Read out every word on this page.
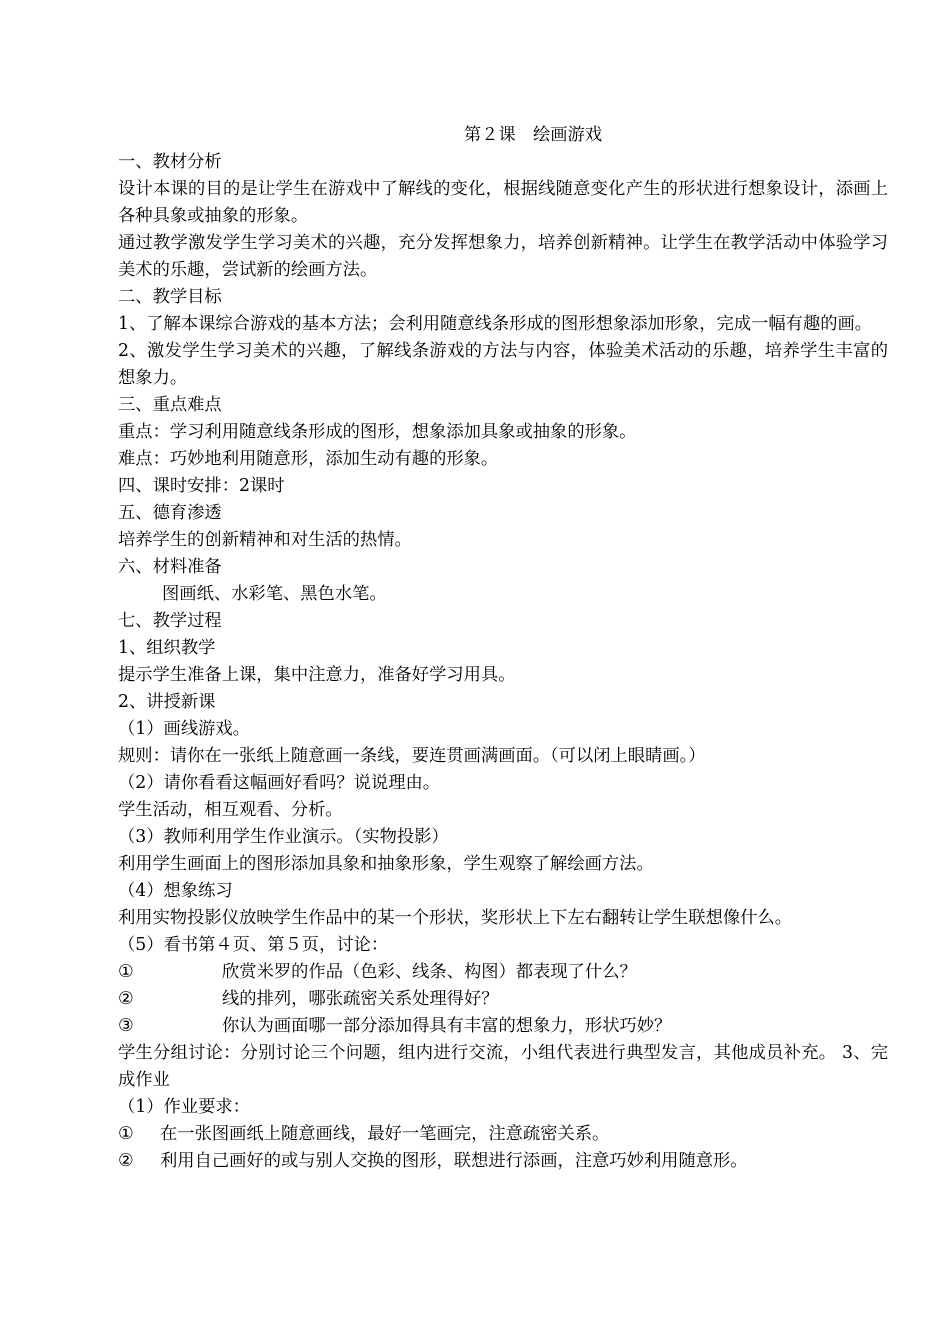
第２课　绘画游戏
一、教材分析
设计本课的目的是让学生在游戏中了解线的变化，根据线随意变化产生的形状进行想象设计，添画上各种具象或抽象的形象。
通过教学激发学生学习美术的兴趣，充分发挥想象力，培养创新精神。让学生在教学活动中体验学习美术的乐趣，尝试新的绘画方法。
二、教学目标
1、了解本课综合游戏的基本方法；会利用随意线条形成的图形想象添加形象，完成一幅有趣的画。
2、激发学生学习美术的兴趣，了解线条游戏的方法与内容，体验美术活动的乐趣，培养学生丰富的想象力。
三、重点难点
重点：学习利用随意线条形成的图形，想象添加具象或抽象的形象。
难点：巧妙地利用随意形，添加生动有趣的形象。
四、课时安排：2课时
五、德育渗透
培养学生的创新精神和对生活的热情。
六、材料准备
图画纸、水彩笔、黑色水笔。
七、教学过程
1、组织教学
提示学生准备上课，集中注意力，准备好学习用具。
2、讲授新课
（1）画线游戏。
规则：请你在一张纸上随意画一条线，要连贯画满画面。（可以闭上眼睛画。）
（2）请你看看这幅画好看吗？说说理由。
学生活动，相互观看、分析。
（3）教师利用学生作业演示。（实物投影）
利用学生画面上的图形添加具象和抽象形象，学生观察了解绘画方法。
（4）想象练习
利用实物投影仪放映学生作品中的某一个形状，奖形状上下左右翻转让学生联想像什么。
（5）看书第４页、第５页，讨论：
①	欣赏米罗的作品（色彩、线条、构图）都表现了什么？
②	线的排列，哪张疏密关系处理得好？
③	你认为画面哪一部分添加得具有丰富的想象力，形状巧妙？
学生分组讨论：分别讨论三个问题，组内进行交流，小组代表进行典型发言，其他成员补充。 3、完成作业
（1）作业要求：
① 在一张图画纸上随意画线，最好一笔画完，注意疏密关系。
② 利用自己画好的或与别人交换的图形，联想进行添画，注意巧妙利用随意形。
